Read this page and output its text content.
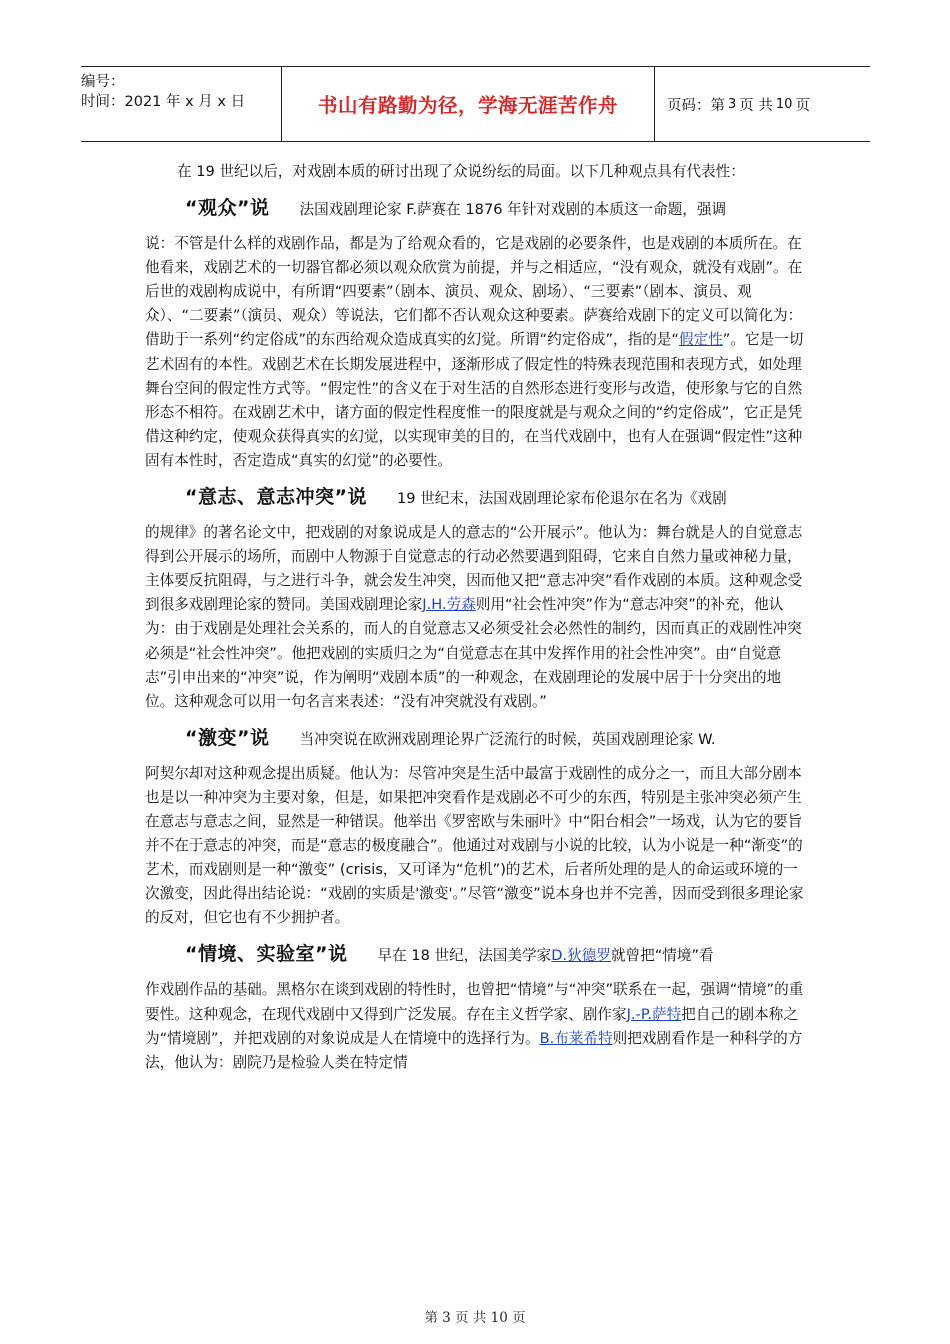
编号：
时间：2021 年 x 月 x 日	书山有路勤为径，学海无涯苦作舟	页码：第 3 页 共 10 页

在 19 世纪以后，对戏剧本质的研讨出现了众说纷纭的局面。以下几种观点具有代表性：

“观众”说 法国戏剧理论家 F.萨赛在 1876 年针对戏剧的本质这一命题，强调
说：不管是什么样的戏剧作品，都是为了给观众看的，它是戏剧的必要条件，也是戏剧的本质所在。在他看来，戏剧艺术的一切器官都必须以观众欣赏为前提，并与之相适应，“没有观众，就没有戏剧”。在后世的戏剧构成说中，有所谓“四要素”（剧本、演员、观众、剧场）、“三要素”（剧本、演员、观众）、“二要素”（演员、观众）等说法，它们都不否认观众这种要素。萨赛给戏剧下的定义可以简化为：借助于一系列“约定俗成”的东西给观众造成真实的幻觉。所谓“约定俗成”，指的是“假定性”。它是一切艺术固有的本性。戏剧艺术在长期发展进程中，逐渐形成了假定性的特殊表现范围和表现方式，如处理舞台空间的假定性方式等。“假定性”的含义在于对生活的自然形态进行变形与改造，使形象与它的自然形态不相符。在戏剧艺术中，诸方面的假定性程度惟一的限度就是与观众之间的“约定俗成”，它正是凭借这种约定，使观众获得真实的幻觉，以实现审美的目的，在当代戏剧中，也有人在强调“假定性”这种固有本性时，否定造成“真实的幻觉”的必要性。
“意志、意志冲突”说 19 世纪末，法国戏剧理论家布伦退尔在名为《戏剧
的规律》的著名论文中，把戏剧的对象说成是人的意志的“公开展示”。他认为：舞台就是人的自觉意志得到公开展示的场所，而剧中人物源于自觉意志的行动必然要遇到阻碍，它来自自然力量或神秘力量，主体要反抗阻碍，与之进行斗争，就会发生冲突，因而他又把“意志冲突”看作戏剧的本质。这种观念受到很多戏剧理论家的赞同。美国戏剧理论家J.H.劳森则用“社会性冲突”作为“意志冲突”的补充，他认为：由于戏剧是处理社会关系的，而人的自觉意志又必须受社会必然性的制约，因而真正的戏剧性冲突必须是“社会性冲突”。他把戏剧的实质归之为“自觉意志在其中发挥作用的社会性冲突”。由“自觉意志”引申出来的“冲突”说，作为阐明“戏剧本质”的一种观念，在戏剧理论的发展中居于十分突出的地位。这种观念可以用一句名言来表述：“没有冲突就没有戏剧。”
“激变”说 当冲突说在欧洲戏剧理论界广泛流行的时候，英国戏剧理论家 W.
阿契尔却对这种观念提出质疑。他认为：尽管冲突是生活中最富于戏剧性的成分之一，而且大部分剧本也是以一种冲突为主要对象，但是，如果把冲突看作是戏剧必不可少的东西，特别是主张冲突必须产生在意志与意志之间，显然是一种错误。他举出《罗密欧与朱丽叶》中“阳台相会”一场戏，认为它的要旨并不在于意志的冲突，而是“意志的极度融合”。他通过对戏剧与小说的比较，认为小说是一种“渐变”的艺术，而戏剧则是一种“激变” (crisis，又可译为“危机”)的艺术，后者所处理的是人的命运或环境的一次激变，因此得出结论说：“戏剧的实质是'激变'。”尽管“激变”说本身也并不完善，因而受到很多理论家的反对，但它也有不少拥护者。
“情境、实验室”说 早在 18 世纪，法国美学家D.狄德罗就曾把“情境”看
作戏剧作品的基础。黑格尔在谈到戏剧的特性时，也曾把“情境”与“冲突”联系在一起，强调“情境”的重要性。这种观念，在现代戏剧中又得到广泛发展。存在主义哲学家、剧作家J.-P.萨特把自己的剧本称之为“情境剧”，并把戏剧的对象说成是人在情境中的选择行为。B.布莱希特则把戏剧看作是一种科学的方法，他认为：剧院乃是检验人类在特定情
第 3 页 共 10 页
